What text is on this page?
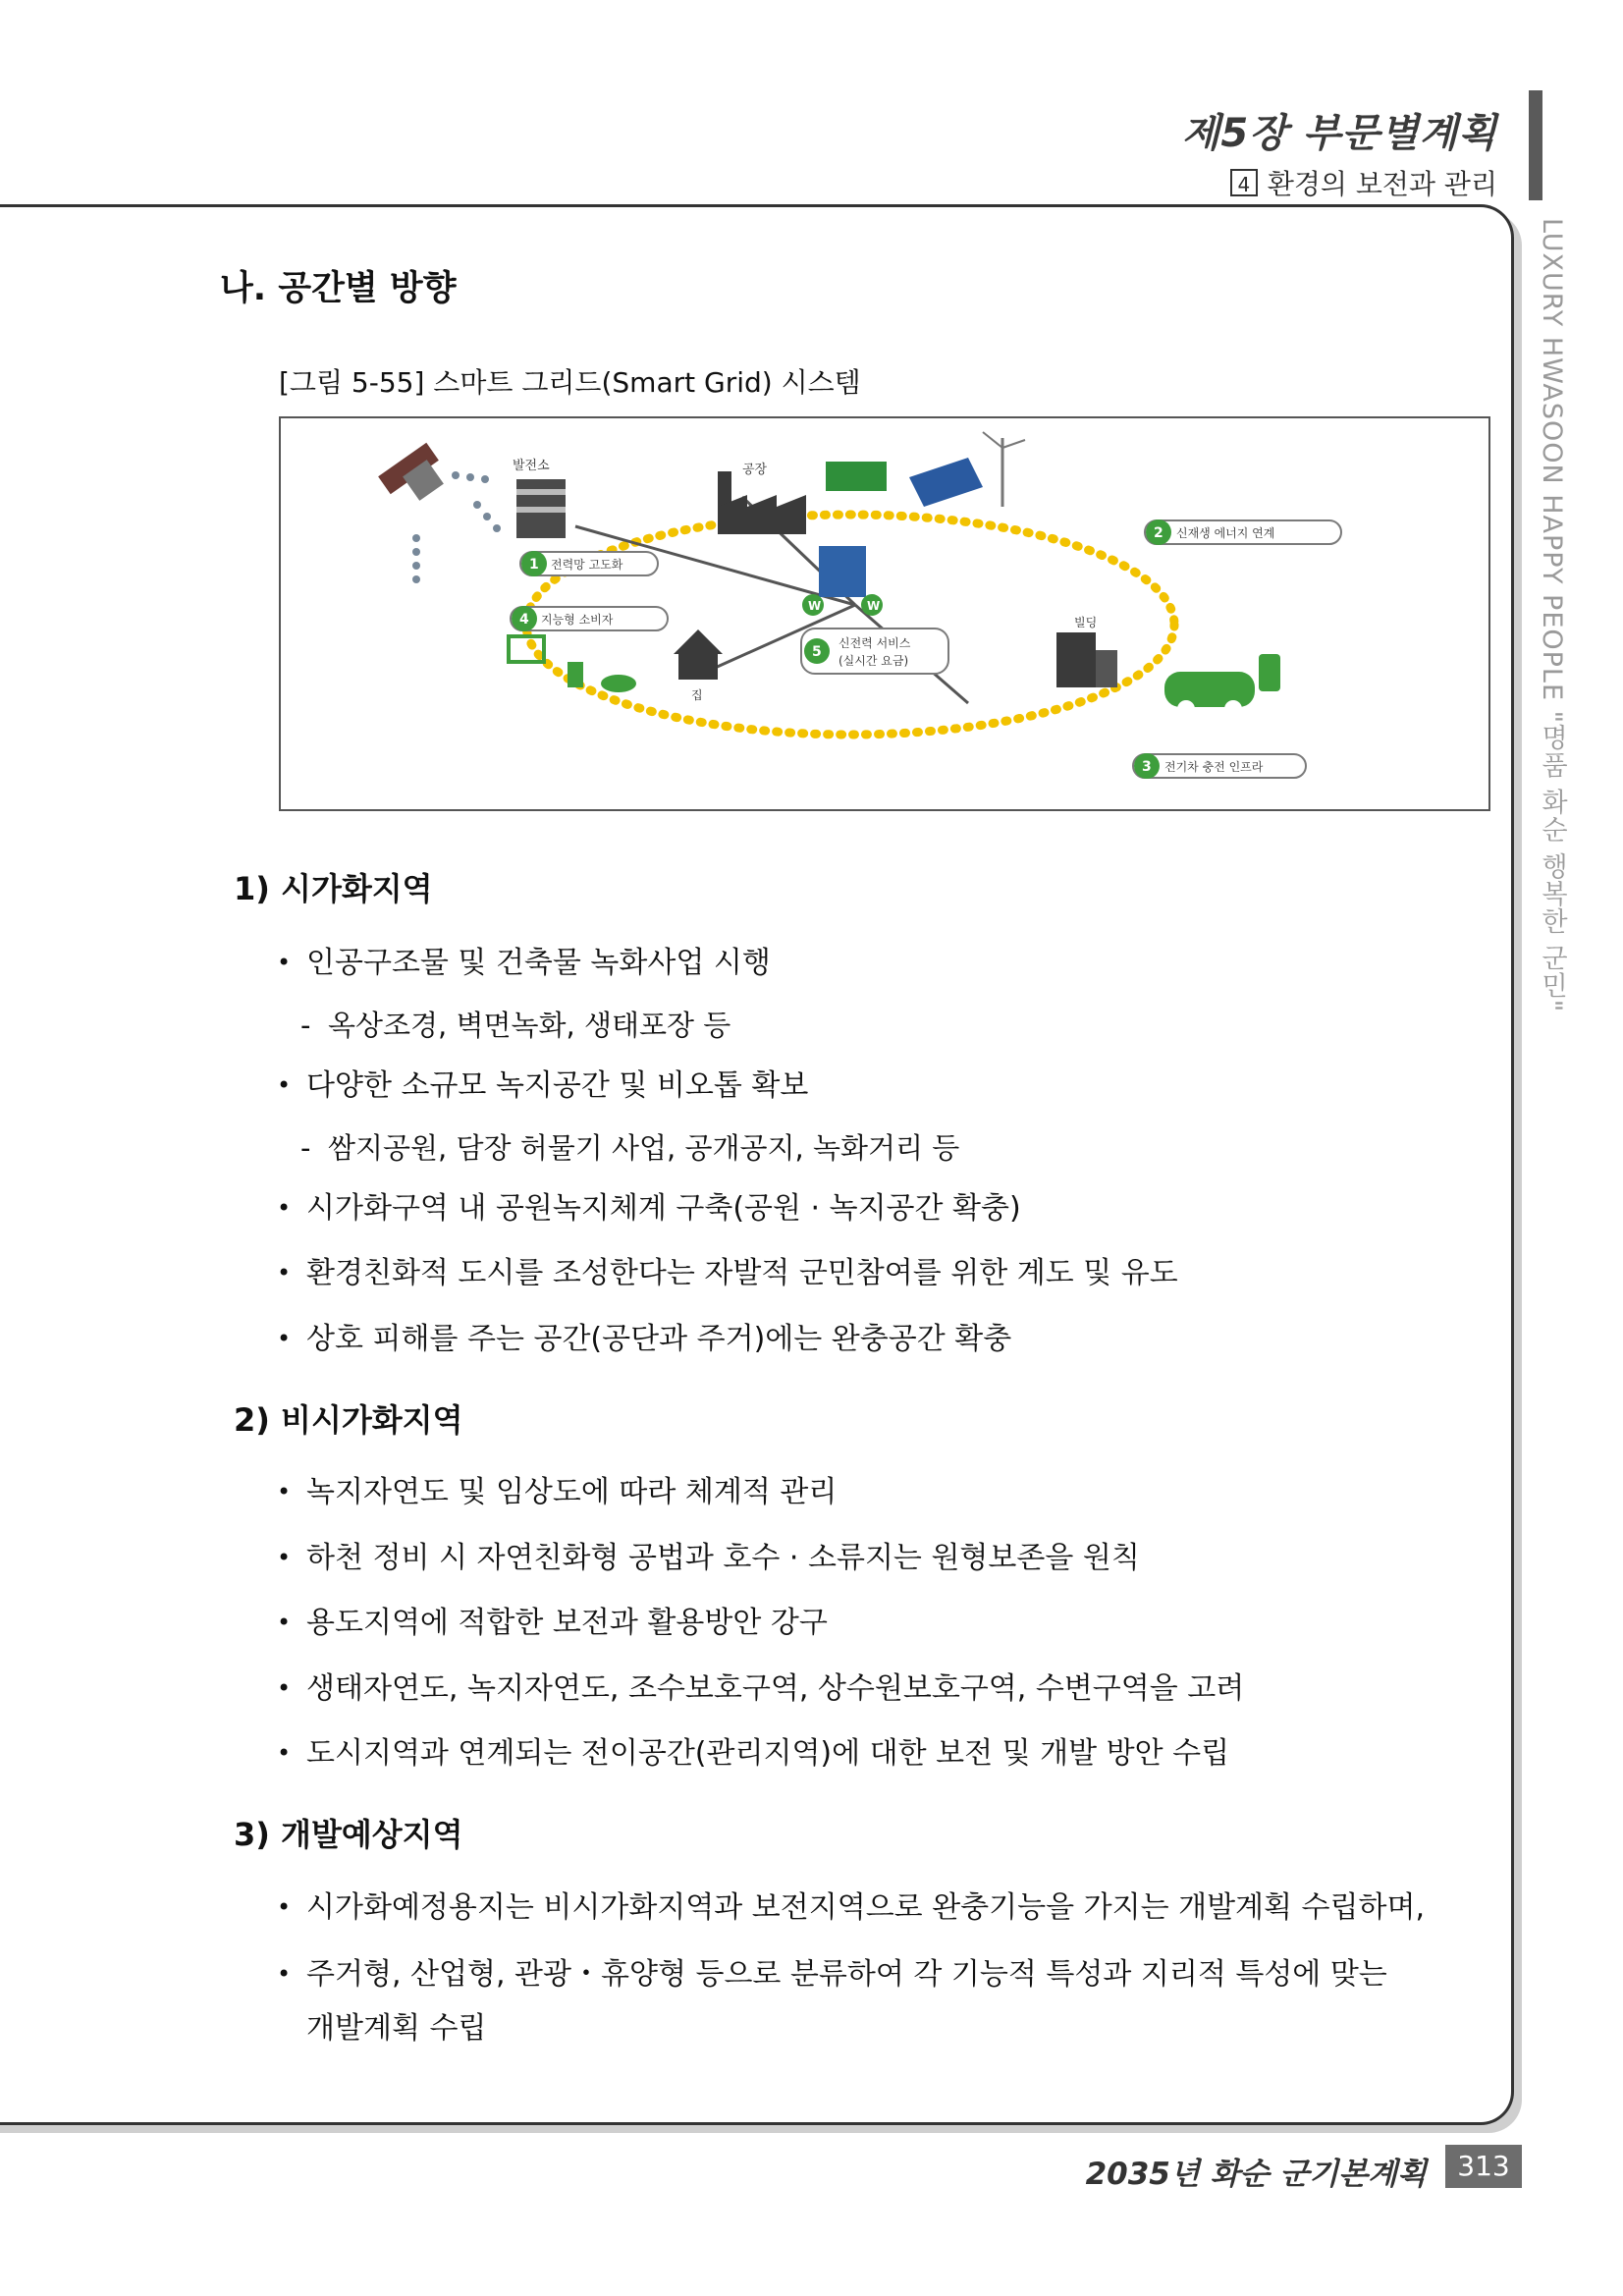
제5장 부문별계획
4 환경의 보전과 관리
LUXURY HWASOON HAPPY PEOPLE "명품 화순 행복한 군민"
나. 공간별 방향
[그림 5-55] 스마트 그리드(Smart Grid) 시스템
발전소	공장
W	W
빌딩
집
1 전력망 고도화
2 신재생 에너지 연계
3 전기차 충전 인프라
4 지능형 소비자
5
신전력 서비스
(실시간 요금)
1) 시가화지역
• 인공구조물 및 건축물 녹화사업 시행
- 옥상조경, 벽면녹화, 생태포장 등
• 다양한 소규모 녹지공간 및 비오톱 확보
- 쌈지공원, 담장 허물기 사업, 공개공지, 녹화거리 등
• 시가화구역 내 공원녹지체계 구축(공원 · 녹지공간 확충)
• 환경친화적 도시를 조성한다는 자발적 군민참여를 위한 계도 및 유도
• 상호 피해를 주는 공간(공단과 주거)에는 완충공간 확충
2) 비시가화지역
• 녹지자연도 및 임상도에 따라 체계적 관리
• 하천 정비 시 자연친화형 공법과 호수 · 소류지는 원형보존을 원칙
• 용도지역에 적합한 보전과 활용방안 강구
• 생태자연도, 녹지자연도, 조수보호구역, 상수원보호구역, 수변구역을 고려
• 도시지역과 연계되는 전이공간(관리지역)에 대한 보전 및 개발 방안 수립
3) 개발예상지역
• 시가화예정용지는 비시가화지역과 보전지역으로 완충기능을 가지는 개발계획 수립하며,
• 주거형, 산업형, 관광・휴양형 등으로 분류하여 각 기능적 특성과 지리적 특성에 맞는
개발계획 수립
2035년 화순 군기본계획	313
